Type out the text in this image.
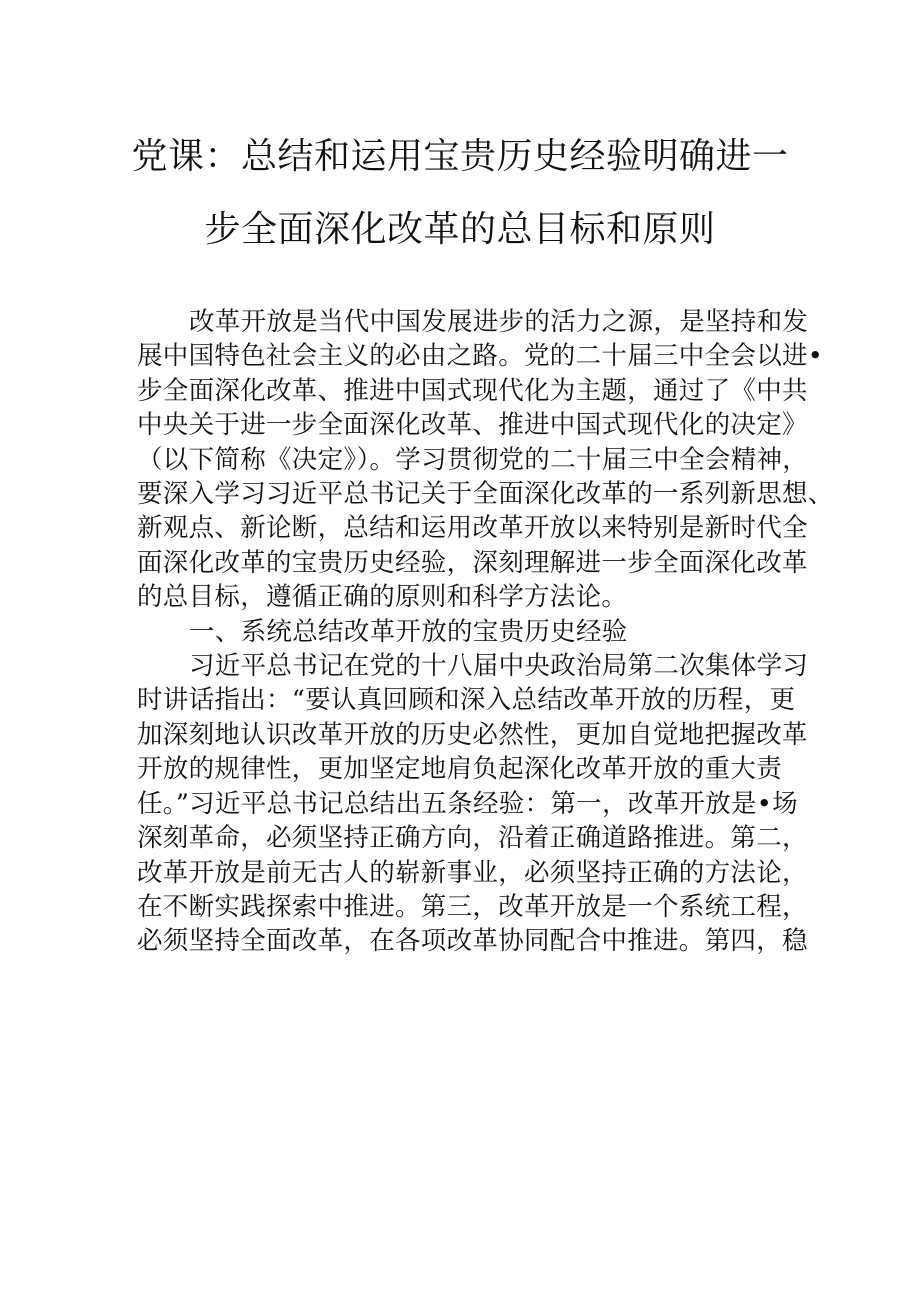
党课：总结和运用宝贵历史经验明确进一
步全面深化改革的总目标和原则
改革开放是当代中国发展进步的活力之源，是坚持和发
展中国特色社会主义的必由之路。党的二十届三中全会以进•
步全面深化改革、推进中国式现代化为主题，通过了《中共
中央关于进一步全面深化改革、推进中国式现代化的决定》
（以下简称《决定》）。学习贯彻党的二十届三中全会精神，
要深入学习习近平总书记关于全面深化改革的一系列新思想、
新观点、新论断，总结和运用改革开放以来特别是新时代全
面深化改革的宝贵历史经验，深刻理解进一步全面深化改革
的总目标，遵循正确的原则和科学方法论。
一、系统总结改革开放的宝贵历史经验
习近平总书记在党的十八届中央政治局第二次集体学习
时讲话指出：“要认真回顾和深入总结改革开放的历程，更
加深刻地认识改革开放的历史必然性，更加自觉地把握改革
开放的规律性，更加坚定地肩负起深化改革开放的重大责
任。”习近平总书记总结出五条经验：第一，改革开放是•场
深刻革命，必须坚持正确方向，沿着正确道路推进。第二，
改革开放是前无古人的崭新事业，必须坚持正确的方法论，
在不断实践探索中推进。第三，改革开放是一个系统工程，
必须坚持全面改革，在各项改革协同配合中推进。第四，稳
